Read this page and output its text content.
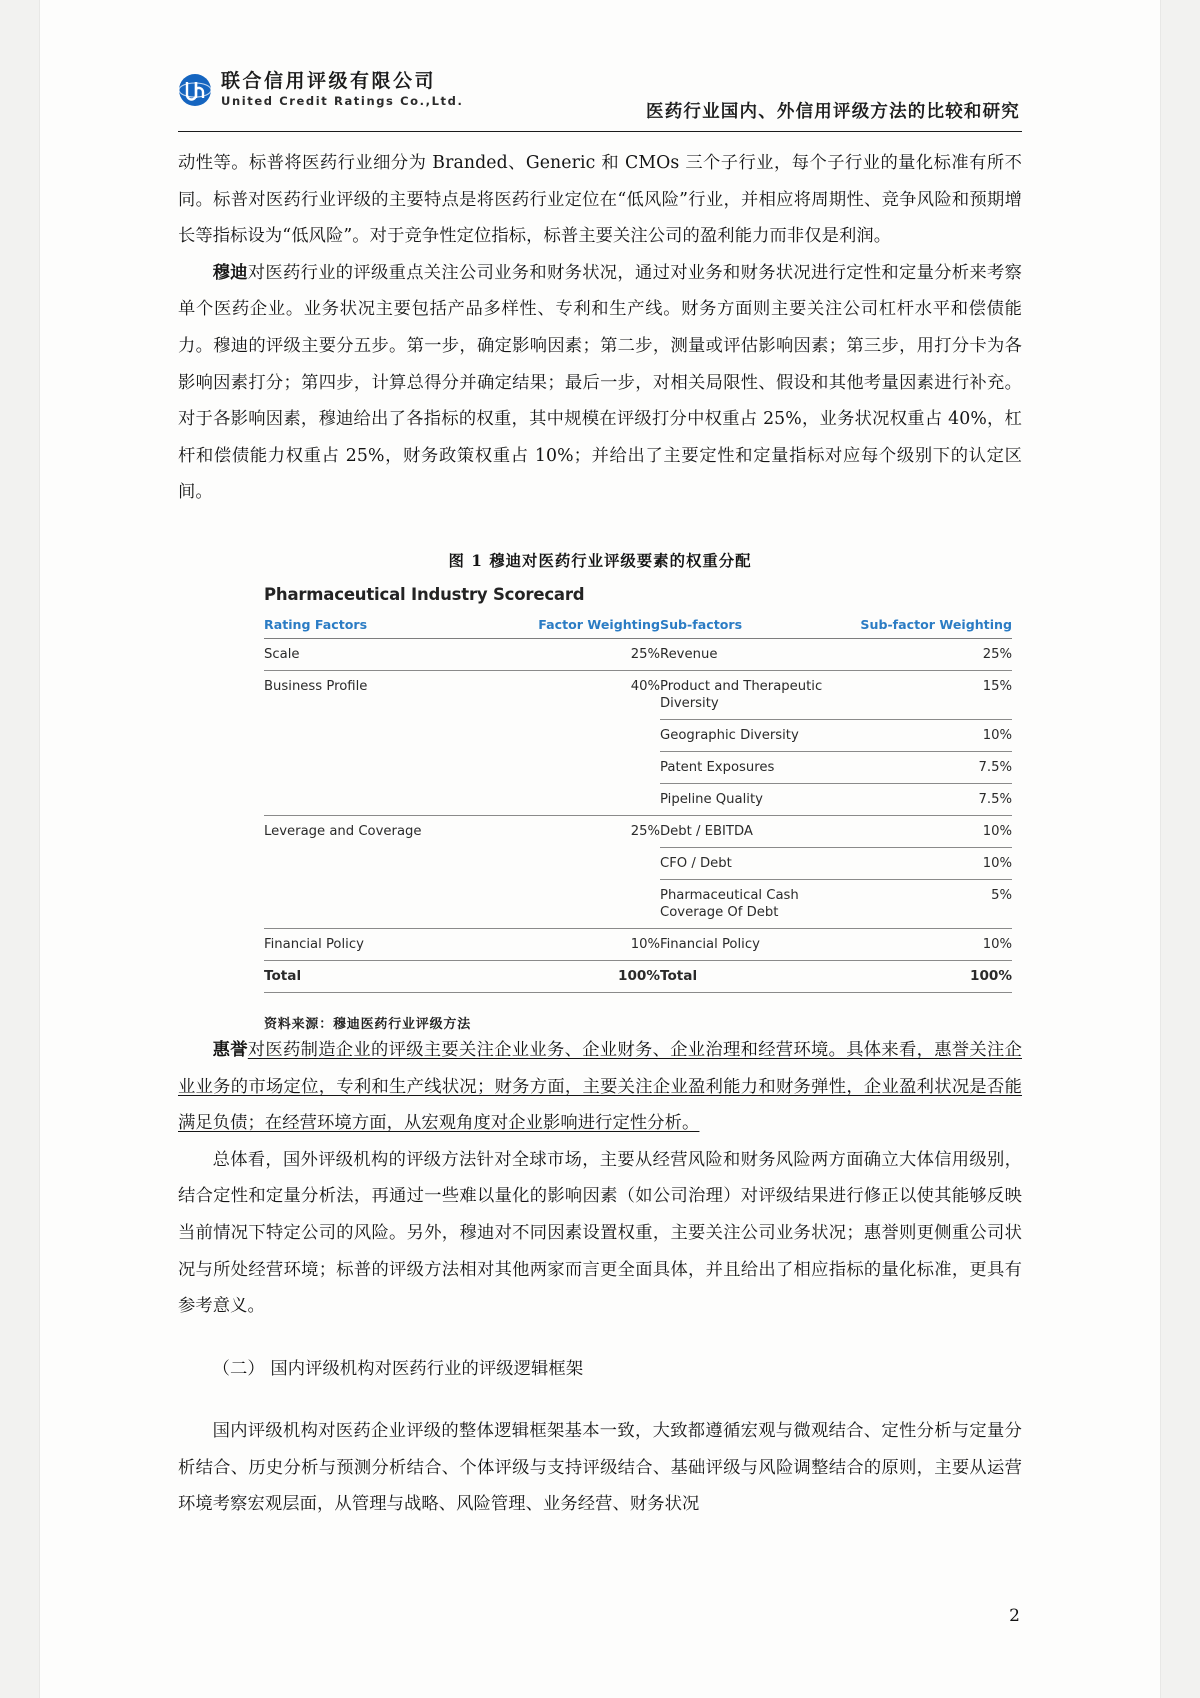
联合信用评级有限公司
United Credit Ratings Co.,Ltd.
医药行业国内、外信用评级方法的比较和研究

动性等。标普将医药行业细分为 Branded、Generic 和 CMOs 三个子行业，每个子行业的量化标准有所不同。标普对医药行业评级的主要特点是将医药行业定位在“低风险”行业，并相应将周期性、竞争风险和预期增长等指标设为“低风险”。对于竞争性定位指标，标普主要关注公司的盈利能力而非仅是利润。

穆迪对医药行业的评级重点关注公司业务和财务状况，通过对业务和财务状况进行定性和定量分析来考察单个医药企业。业务状况主要包括产品多样性、专利和生产线。财务方面则主要关注公司杠杆水平和偿债能力。穆迪的评级主要分五步。第一步，确定影响因素；第二步，测量或评估影响因素；第三步，用打分卡为各影响因素打分；第四步，计算总得分并确定结果；最后一步，对相关局限性、假设和其他考量因素进行补充。对于各影响因素，穆迪给出了各指标的权重，其中规模在评级打分中权重占 25%，业务状况权重占 40%，杠杆和偿债能力权重占 25%，财务政策权重占 10%；并给出了主要定性和定量指标对应每个级别下的认定区间。

图 1 穆迪对医药行业评级要素的权重分配
Pharmaceutical Industry Scorecard
Rating Factors	Factor Weighting	Sub-factors	Sub-factor Weighting
Scale	25%	Revenue	25%
Business Profile	40%	Product and Therapeutic Diversity	15%
		Geographic Diversity	10%
		Patent Exposures	7.5%
		Pipeline Quality	7.5%
Leverage and Coverage	25%	Debt / EBITDA	10%
		CFO / Debt	10%
		Pharmaceutical Cash Coverage Of Debt	5%
Financial Policy	10%	Financial Policy	10%
Total	100%	Total	100%
资料来源：穆迪医药行业评级方法

惠誉对医药制造企业的评级主要关注企业业务、企业财务、企业治理和经营环境。具体来看，惠誉关注企业业务的市场定位，专利和生产线状况；财务方面，主要关注企业盈利能力和财务弹性，企业盈利状况是否能满足负债；在经营环境方面，从宏观角度对企业影响进行定性分析。

总体看，国外评级机构的评级方法针对全球市场，主要从经营风险和财务风险两方面确立大体信用级别，结合定性和定量分析法，再通过一些难以量化的影响因素（如公司治理）对评级结果进行修正以使其能够反映当前情况下特定公司的风险。另外，穆迪对不同因素设置权重，主要关注公司业务状况；惠誉则更侧重公司状况与所处经营环境；标普的评级方法相对其他两家而言更全面具体，并且给出了相应指标的量化标准，更具有参考意义。

（二） 国内评级机构对医药行业的评级逻辑框架

国内评级机构对医药企业评级的整体逻辑框架基本一致，大致都遵循宏观与微观结合、定性分析与定量分析结合、历史分析与预测分析结合、个体评级与支持评级结合、基础评级与风险调整结合的原则，主要从运营环境考察宏观层面，从管理与战略、风险管理、业务经营、财务状况

2
